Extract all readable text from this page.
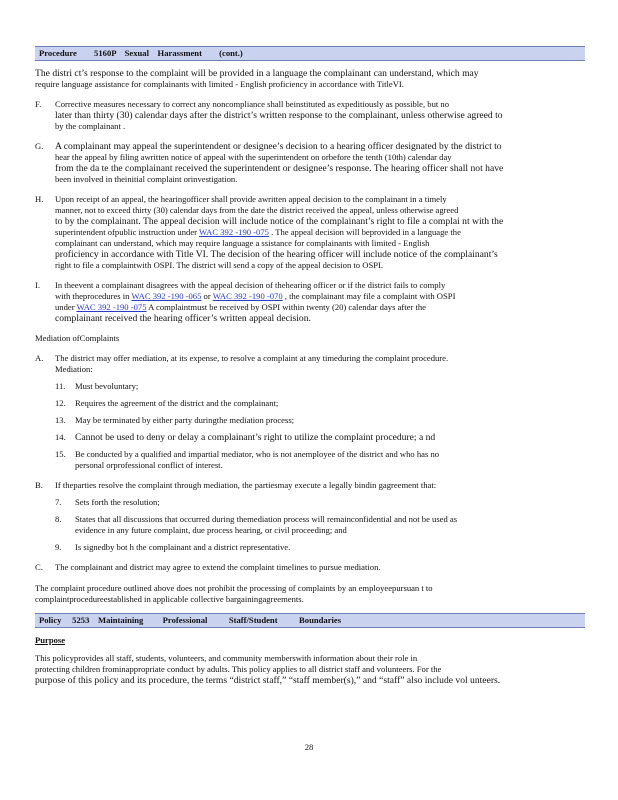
Procedure        5160P    Sexual    Harassment        (cont.)

The distri ct’s response to the complaint will be provided in a language the complainant can understand, which may

require language assistance for complainants with limited - English proficiency in accordance with TitleVI.

F.	Corrective measures necessary to correct any noncompliance shall beinstituted as expeditiously as possible, but no

later than thirty (30) calendar days after the district’s written response to the complainant, unless otherwise agreed to

by the complainant .

G.	A complainant may appeal the superintendent or designee’s decision to a hearing officer designated by the district to

hear the appeal by filing awritten notice of appeal with the superintendent on orbefore the tenth (10th) calendar day

from the da te the complainant received the superintendent or designee’s response. The hearing officer shall not have

been involved in theinitial complaint orinvestigation.

H.	Upon receipt of an appeal, the hearingofficer shall provide awritten appeal decision to the complainant in a timely

manner, not to exceed thirty (30) calendar days from the date the district received the appeal, unless otherwise agreed

to by the complainant. The appeal decision will include notice of the complainant’s right to file a complai nt with the

superintendent ofpublic instruction under WAC 392 -190 -075 . The appeal decision will beprovided in a language the

complainant can understand, which may require language a ssistance for complainants with limited - English

proficiency in accordance with Title VI. The decision of the hearing officer will include notice of the complainant’s

right to file a complaintwith OSPI. The district will send a copy of the appeal decision to OSPI.

I.	In theevent a complainant disagrees with the appeal decision of thehearing officer or if the district fails to comply

with theprocedures in WAC 392 -190 -065 or WAC 392 -190 -070 , the complainant may file a complaint with OSPI

under WAC 392 -190 -075 A complaintmust be received by OSPI within twenty (20) calendar days after the

complainant received the hearing officer’s written appeal decision.

Mediation ofComplaints

A.	The district may offer mediation, at its expense, to resolve a complaint at any timeduring the complaint procedure.

Mediation:

11.	Must bevoluntary;
12.	Requires the agreement of the district and the complainant;
13.	May be terminated by either party duringthe mediation process;
14. Cannot be used to deny or delay a complainant’s right to utilize the complaint procedure; a nd
15.	Be conducted by a qualified and impartial mediator, who is not anemployee of the district and who has no
personal orprofessional conflict of interest.
B.	If theparties resolve the complaint through mediation, the partiesmay execute a legally bindin gagreement that:

7.	Sets forth the resolution;
8.	States that all discussions that occurred during themediation process will remainconfidential and not be used as
evidence in any future complaint, due process hearing, or civil proceeding; and
9.	Is signedby bot h the complainant and a district representative.
C.	The complainant and district may agree to extend the complaint timelines to pursue mediation.

The complaint procedure outlined above does not prohibit the processing of complaints by an employeepursuan t to

complaintprocedureestablished in applicable collective bargainingagreements.

Policy     5253    Maintaining         Professional          Staff/Student          Boundaries

Purpose

This policyprovides all staff, students, volunteers, and community memberswith information about their role in

protecting children frominappropriate conduct by adults. This policy applies to all district staff and volunteers. For the

purpose of this policy and its procedure, the terms “district staff,” “staff member(s),” and “staff” also include vol unteers.

28
